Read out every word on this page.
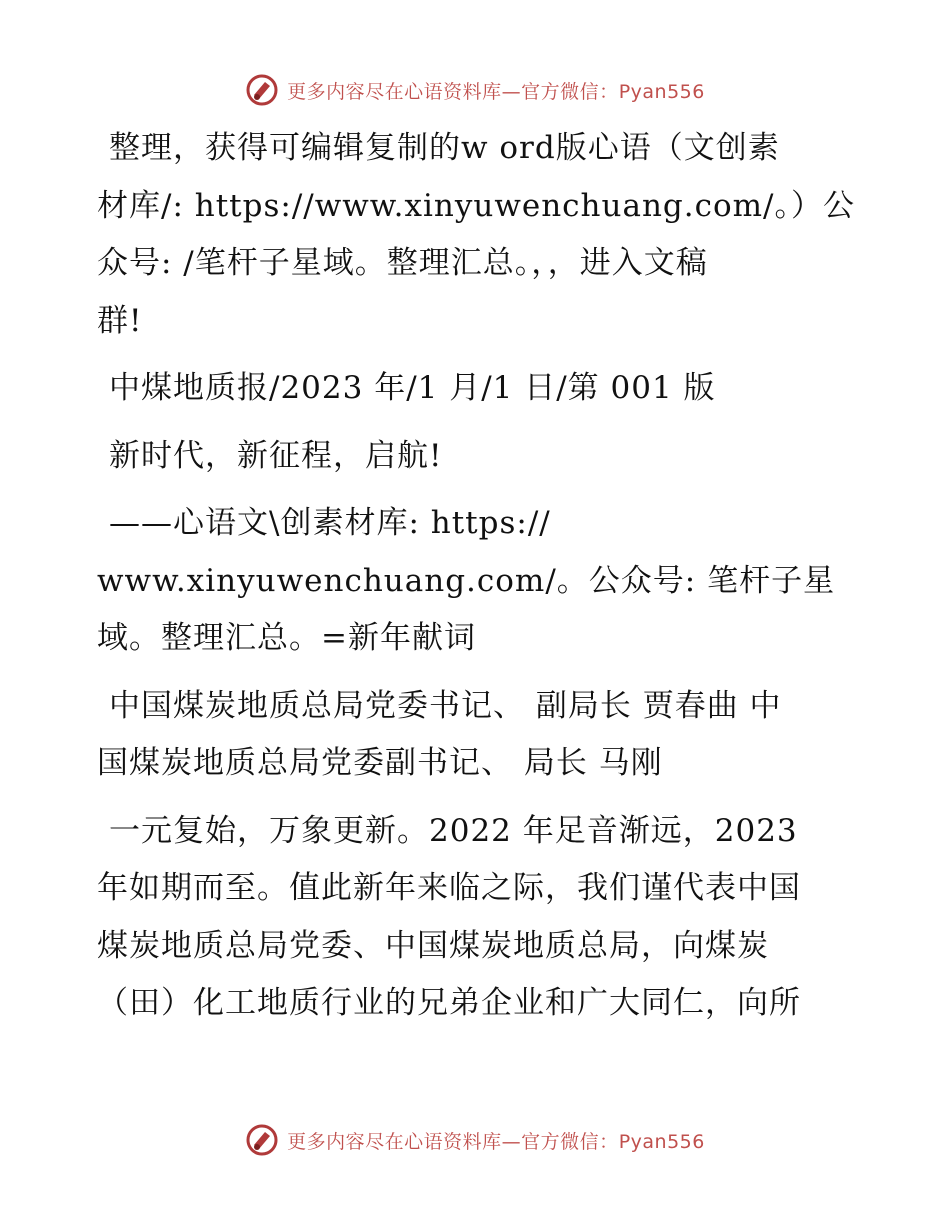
更多内容尽在心语资料库—官方微信：Pyan556

整理，获得可编辑复制的w ord版心语（文创素
材库/: https://www.xinyuwenchuang.com/。）公
众号: /笔杆子星域。整理汇总。，，进入文稿
群!

中煤地质报/2023 年/1 月/1 日/第 001 版

新时代，新征程，启航!

——心语文\创素材库: https://
www.xinyuwenchuang.com/。公众号: 笔杆子星
域。整理汇总。=新年献词

中国煤炭地质总局党委书记、 副局长 贾春曲 中
国煤炭地质总局党委副书记、 局长 马刚

一元复始，万象更新。2022 年足音渐远，2023
年如期而至。值此新年来临之际，我们谨代表中国
煤炭地质总局党委、中国煤炭地质总局，向煤炭
（田）化工地质行业的兄弟企业和广大同仁，向所

更多内容尽在心语资料库—官方微信：Pyan556
